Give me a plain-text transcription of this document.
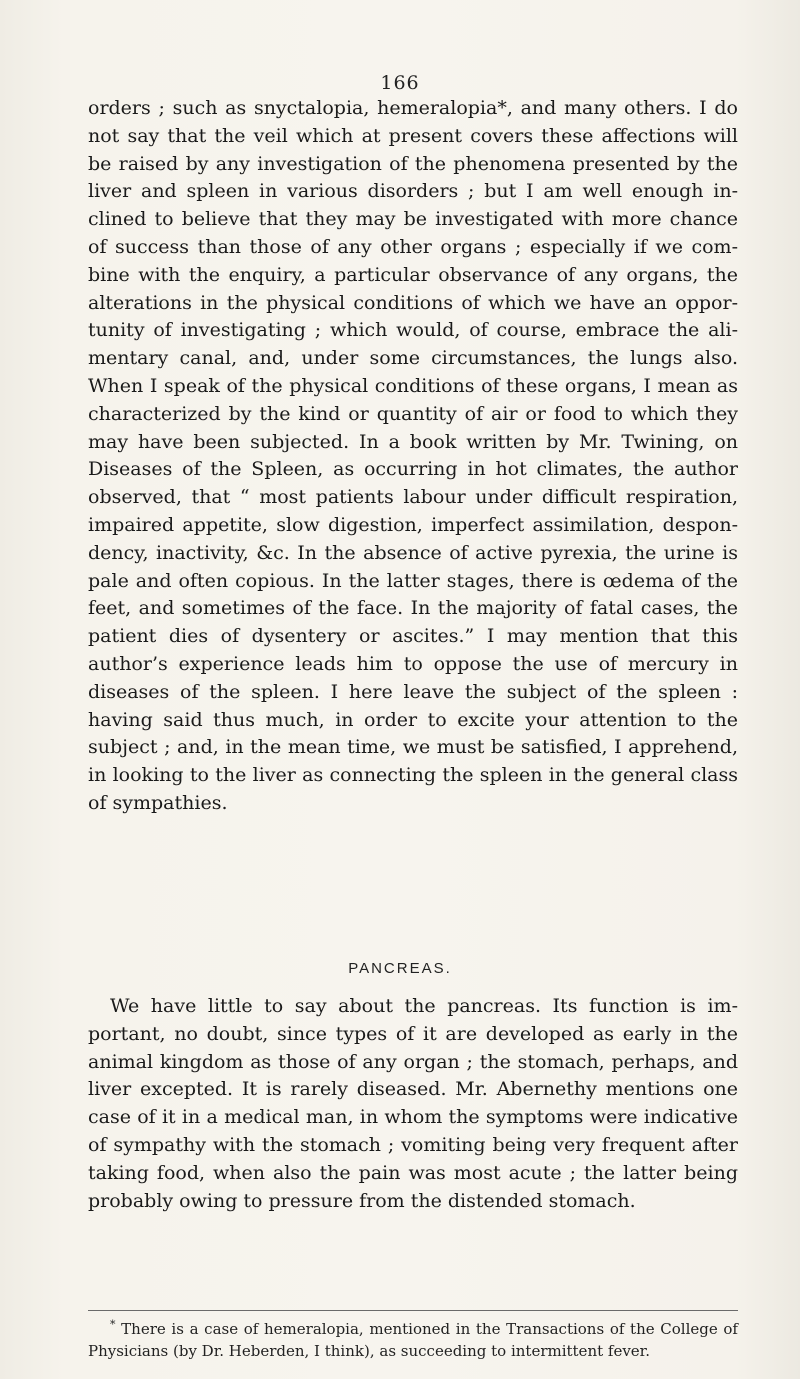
166

orders ; such as snyctalopia, hemeralopia*, and many others. I do not say that the veil which at present covers these affections will be raised by any investigation of the phenomena presented by the liver and spleen in various disorders ; but I am well enough inclined to believe that they may be investigated with more chance of success than those of any other organs ; especially if we combine with the enquiry, a particular observance of any organs, the alterations in the physical conditions of which we have an opportunity of investigating ; which would, of course, embrace the alimentary canal, and, under some circumstances, the lungs also. When I speak of the physical conditions of these organs, I mean as characterized by the kind or quantity of air or food to which they may have been subjected. In a book written by Mr. Twining, on Diseases of the Spleen, as occurring in hot climates, the author observed, that “ most patients labour under difficult respiration, impaired appetite, slow digestion, imperfect assimilation, despondency, inactivity, &c. In the absence of active pyrexia, the urine is pale and often copious. In the latter stages, there is œdema of the feet, and sometimes of the face. In the majority of fatal cases, the patient dies of dysentery or ascites.” I may mention that this author’s experience leads him to oppose the use of mercury in diseases of the spleen. I here leave the subject of the spleen : having said thus much, in order to excite your attention to the subject ; and, in the mean time, we must be satisfied, I apprehend, in looking to the liver as connecting the spleen in the general class of sympathies.

PANCREAS.

We have little to say about the pancreas. Its function is important, no doubt, since types of it are developed as early in the animal kingdom as those of any organ ; the stomach, perhaps, and liver excepted. It is rarely diseased. Mr. Abernethy mentions one case of it in a medical man, in whom the symptoms were indicative of sympathy with the stomach ; vomiting being very frequent after taking food, when also the pain was most acute ; the latter being probably owing to pressure from the distended stomach.

* There is a case of hemeralopia, mentioned in the Transactions of the College of Physicians (by Dr. Heberden, I think), as succeeding to intermittent fever.
